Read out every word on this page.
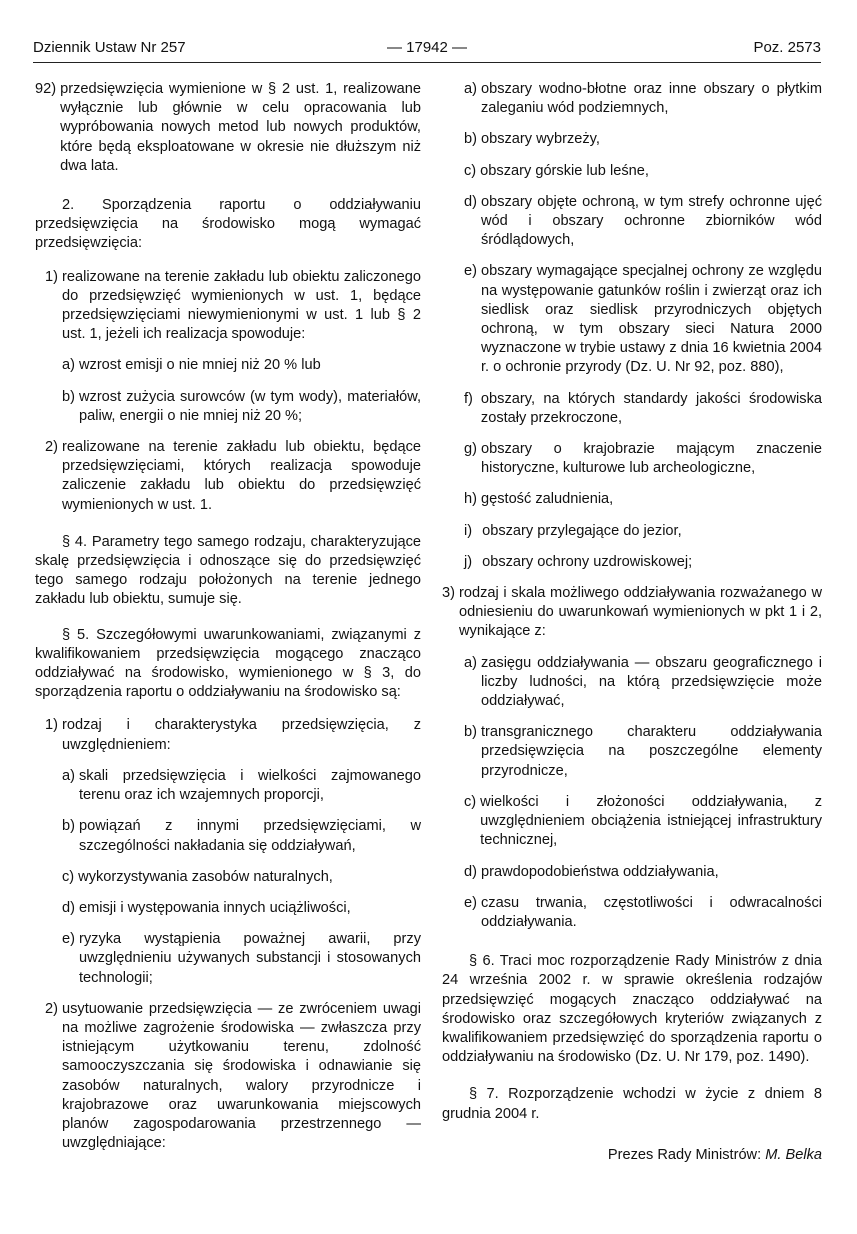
Dziennik Ustaw Nr 257	— 17942 —	Poz. 2573
92) przedsięwzięcia wymienione w § 2 ust. 1, realizowane wyłącznie lub głównie w celu opracowania lub wypróbowania nowych metod lub nowych produktów, które będą eksploatowane w okresie nie dłuższym niż dwa lata.

2. Sporządzenia raportu o oddziaływaniu przedsięwzięcia na środowisko mogą wymagać przedsięwzięcia:

1) realizowane na terenie zakładu lub obiektu zaliczonego do przedsięwzięć wymienionych w ust. 1, będące przedsięwzięciami niewymienionymi w ust. 1 lub § 2 ust. 1, jeżeli ich realizacja spowoduje:
a) wzrost emisji o nie mniej niż 20 % lub
b) wzrost zużycia surowców (w tym wody), materiałów, paliw, energii o nie mniej niż 20 %;
2) realizowane na terenie zakładu lub obiektu, będące przedsięwzięciami, których realizacja spowoduje zaliczenie zakładu lub obiektu do przedsięwzięć wymienionych w ust. 1.

§ 4. Parametry tego samego rodzaju, charakteryzujące skalę przedsięwzięcia i odnoszące się do przedsięwzięć tego samego rodzaju położonych na terenie jednego zakładu lub obiektu, sumuje się.

§ 5. Szczegółowymi uwarunkowaniami, związanymi z kwalifikowaniem przedsięwzięcia mogącego znacząco oddziaływać na środowisko, wymienionego w § 3, do sporządzenia raportu o oddziaływaniu na środowisko są:

1) rodzaj i charakterystyka przedsięwzięcia, z uwzględnieniem:
a) skali przedsięwzięcia i wielkości zajmowanego terenu oraz ich wzajemnych proporcji,
b) powiązań z innymi przedsięwzięciami, w szczególności nakładania się oddziaływań,
c) wykorzystywania zasobów naturalnych,
d) emisji i występowania innych uciążliwości,
e) ryzyka wystąpienia poważnej awarii, przy uwzględnieniu używanych substancji i stosowanych technologii;
2) usytuowanie przedsięwzięcia — ze zwróceniem uwagi na możliwe zagrożenie środowiska — zwłaszcza przy istniejącym użytkowaniu terenu, zdolność samooczyszczania się środowiska i odnawianie się zasobów naturalnych, walory przyrodnicze i krajobrazowe oraz uwarunkowania miejscowych planów zagospodarowania przestrzennego — uwzględniające:
a) obszary wodno-błotne oraz inne obszary o płytkim zaleganiu wód podziemnych,
b) obszary wybrzeży,
c) obszary górskie lub leśne,
d) obszary objęte ochroną, w tym strefy ochronne ujęć wód i obszary ochronne zbiorników wód śródlądowych,
e) obszary wymagające specjalnej ochrony ze względu na występowanie gatunków roślin i zwierząt oraz ich siedlisk oraz siedlisk przyrodniczych objętych ochroną, w tym obszary sieci Natura 2000 wyznaczone w trybie ustawy z dnia 16 kwietnia 2004 r. o ochronie przyrody (Dz. U. Nr 92, poz. 880),
f) obszary, na których standardy jakości środowiska zostały przekroczone,
g) obszary o krajobrazie mającym znaczenie historyczne, kulturowe lub archeologiczne,
h) gęstość zaludnienia,
i) obszary przylegające do jezior,
j) obszary ochrony uzdrowiskowej;
3) rodzaj i skala możliwego oddziaływania rozważanego w odniesieniu do uwarunkowań wymienionych w pkt 1 i 2, wynikające z:
a) zasięgu oddziaływania — obszaru geograficznego i liczby ludności, na którą przedsięwzięcie może oddziaływać,
b) transgranicznego charakteru oddziaływania przedsięwzięcia na poszczególne elementy przyrodnicze,
c) wielkości i złożoności oddziaływania, z uwzględnieniem obciążenia istniejącej infrastruktury technicznej,
d) prawdopodobieństwa oddziaływania,
e) czasu trwania, częstotliwości i odwracalności oddziaływania.

§ 6. Traci moc rozporządzenie Rady Ministrów z dnia 24 września 2002 r. w sprawie określenia rodzajów przedsięwzięć mogących znacząco oddziaływać na środowisko oraz szczegółowych kryteriów związanych z kwalifikowaniem przedsięwzięć do sporządzenia raportu o oddziaływaniu na środowisko (Dz. U. Nr 179, poz. 1490).

§ 7. Rozporządzenie wchodzi w życie z dniem 8 grudnia 2004 r.

Prezes Rady Ministrów: M. Belka
